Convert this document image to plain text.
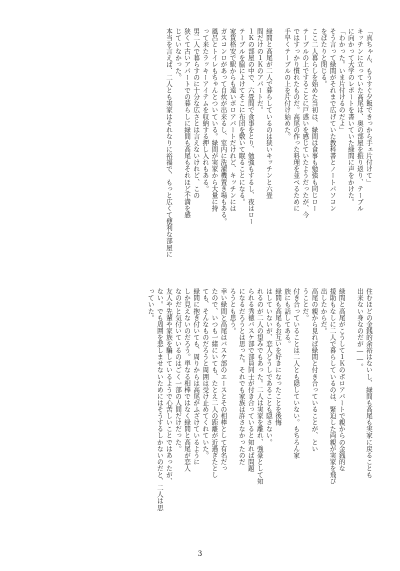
「真ちゃん、もうすぐ夕飯できっから手ェ片付けて」
キッチンに立っていた高尾は、奥の部屋を振り返り、テーブル
に向かって大学のレポートを書いていた緑間に声をかけた。
「わかった。いま片付けるのだよ」
そう言って緑間がそれまで広げていた教科書とノートパソコン
をぱたりと閉じる。
ここ二人暮らしを始めた当初は、緑間は食事も勉強も同じロー
テーブルの上ですることに戸惑いを感じていたようだったが、今
ではすっかり慣れたものだ。高尾の作った料理を並べるために
手早くテーブルの上を片付け始めた。

緑間と高尾が二人で暮らしているのは狭いキッチンと六畳
間だけの１Ｋのアパートだ。
１Ｋの部屋の中で、六畳間で食事をとり、勉強もするし、夜はロー
テーブルを脇によけてそこに布団を敷いて眠ることになる。
家賃格安で駅からも遠いボロアパートだけれど、キッチンには
ガスコンロがあって自炊が出来るし、室内に洗濯機置き場もある。
風呂とトイレもちゃんとついている。緑間が実家から大量に持
って来たラッキーアイテムを収納する押し入れもある。
男二人で暮らすのに十分な広さとは言えないけれど、この
狭くて古いアパートでの暮らしに緑間も高尾もそれほど不満を感
じていなかった。
本当を言えば、二人とも実家はそれなりに裕福で、もっと広くて便利な部屋に
住むほどの金銭的余裕はないし、緑間も高尾も実家に戻ることも
出来ない身なのだが――。

緑間と高尾がこうして１Ｋのボロアパートで親からの金銭的な
援助もなしに二人で暮らしているのは、緊迫した両親が実家を飛び
出したからだ。
高尾の親から見れば緑間と付き合っていることが、とい
うことだ。
付き合っていることは二人とも隠していない。もちろん家
族にも話してある。
緑間も高尾もお互いを好きになったことを後悔
はしていないが、恋人どうしであることも隠さない。
れるのが二人の望みでもあった。二人は実家を離れ、強豪として知
られる秀徳バスケ部で部員同士が付き合っていると知れば問題
になるだろうとは思った。それでも家族は許さなかったのだ
ろうとも思う。
幸い緑間と高尾はバスケ部のエースとその相棒として有名だっ
たので、いつも一緒にいても、たとえ二人の距離が近過ぎたとし
ても、そんなものだろうと周囲は受け止めてくれていた。
緑間に抱き付いても、周りからは高尾がふざけているように
しか見えないのだろう。単なる相棒ではなく緑間と高尾が恋人
なのだと気付いているのはごく一部の人間だけだった。
友人や先輩や家族を騙しているようで心苦しいことではあったが、
ない。でも周囲を悲しませないためにはそうするしかないのだと、二人は思
っていた。
3
